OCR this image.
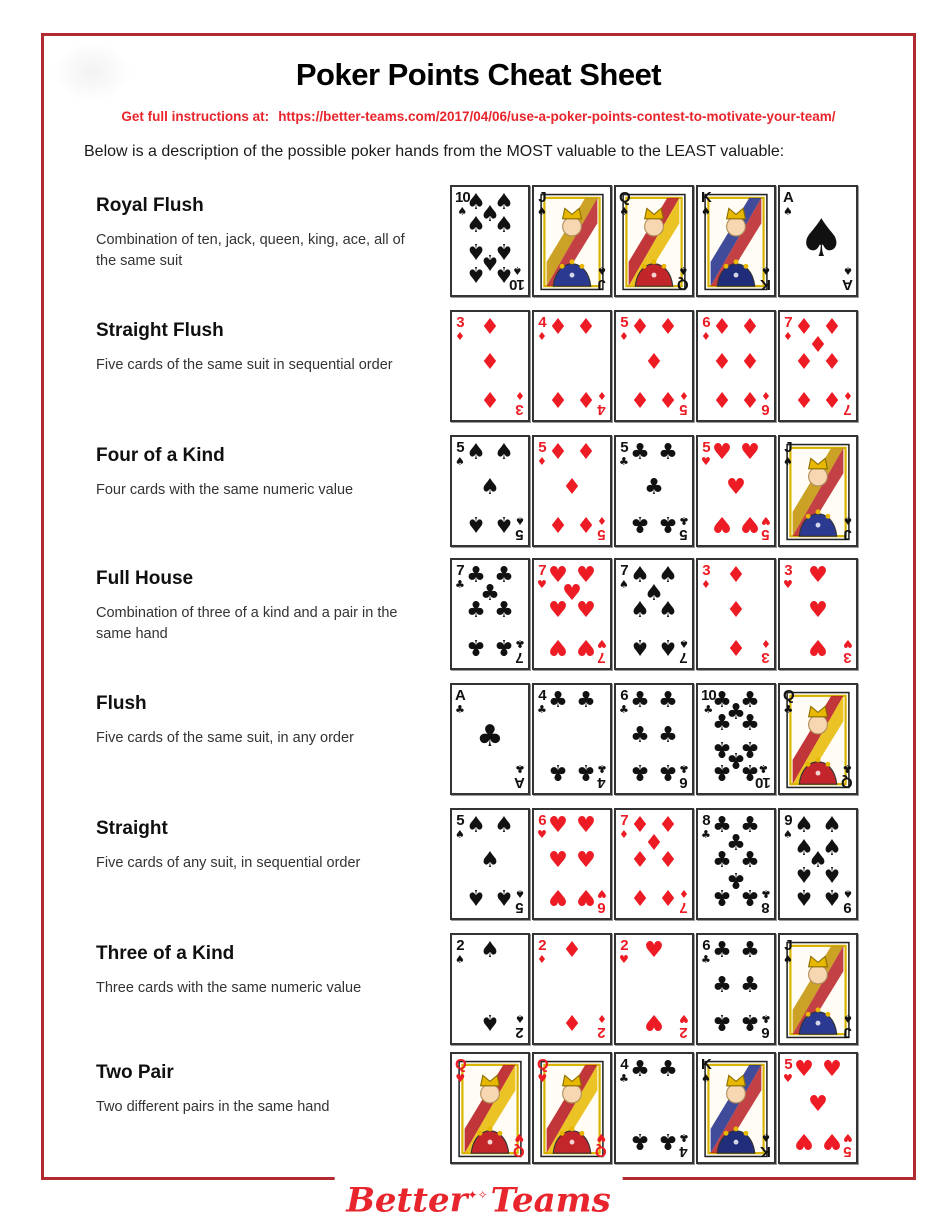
Poker Points Cheat Sheet
Get full instructions at: https://better-teams.com/2017/04/06/use-a-poker-points-contest-to-motivate-your-team/
Below is a description of the possible poker hands from the MOST valuable to the LEAST valuable:
Royal Flush

Combination of ten, jack, queen, king, ace, all of the same suit

10
♠
♠ ♠
♠
♠ ♠
♠ ♠
♠
♠ ♠
10
♠
J
♠
J
♠
Q
♠
Q
♠
K
♠
K
♠
A
♠ ♠
A
♠
Straight Flush

Five cards of the same suit in sequential order

3
♦ ♦
♦
♦ 3
♦
4
♦ ♦ ♦
♦ ♦ 4
♦
5
♦ ♦ ♦
♦
♦ ♦ 5
♦
6
♦ ♦ ♦
♦ ♦
♦ ♦ 6
♦
7
♦ ♦ ♦
♦
♦ ♦
♦ ♦ 7
♦
Four of a Kind

Four cards with the same numeric value

5
♠ ♠ ♠
♠
♠ ♠ 5
♠
5
♦ ♦ ♦
♦
♦ ♦ 5
♦
5
♣ ♣ ♣
♣
♣ ♣ 5
♣
5
♥ ♥ ♥
♥
♥ ♥ 5
♥
J
♠
J
♠
Full House

Combination of three of a kind and a pair in the same hand

7
♣ ♣ ♣
♣
♣ ♣
♣ ♣ 7
♣
7
♥ ♥ ♥
♥
♥ ♥
♥ ♥ 7
♥
7
♠ ♠ ♠
♠
♠ ♠
♠ ♠ 7
♠
3
♦ ♦
♦
♦ 3
♦
3
♥ ♥
♥
♥ 3
♥
Flush

Five cards of the same suit, in any order

A
♣
♣
A
♣
4
♣ ♣ ♣
♣ ♣ 4
♣
6
♣ ♣ ♣
♣ ♣
♣ ♣ 6
♣
10
♣
♣ ♣
♣
♣ ♣
♣ ♣
♣
♣ ♣
10
♣
Q
♣
Q
♣
Straight

Five cards of any suit, in sequential order

5
♠ ♠ ♠
♠
♠ ♠ 5
♠
6
♥ ♥ ♥
♥ ♥
♥ ♥ 6
♥
7
♦ ♦ ♦
♦
♦ ♦
♦ ♦ 7
♦
8
♣ ♣ ♣
♣
♣ ♣
♣
♣ ♣ 8
♣
9
♠ ♠ ♠
♠ ♠
♠
♠ ♠
♠ ♠ 9
♠
Three of a Kind

Three cards with the same numeric value

2
♠ ♠
♠ 2
♠
2
♦ ♦
♦ 2
♦
2
♥ ♥
♥ 2
♥
6
♣ ♣ ♣
♣ ♣
♣ ♣ 6
♣
J
♠
J
♠
Two Pair

Two different pairs in the same hand

Q
♥
Q
♥
Q
♥
Q
♥
4
♣ ♣ ♣
♣ ♣ 4
♣
K
♠
K
♠
5
♥ ♥ ♥
♥
♥ ♥ 5
♥
Better✦✧Teams
